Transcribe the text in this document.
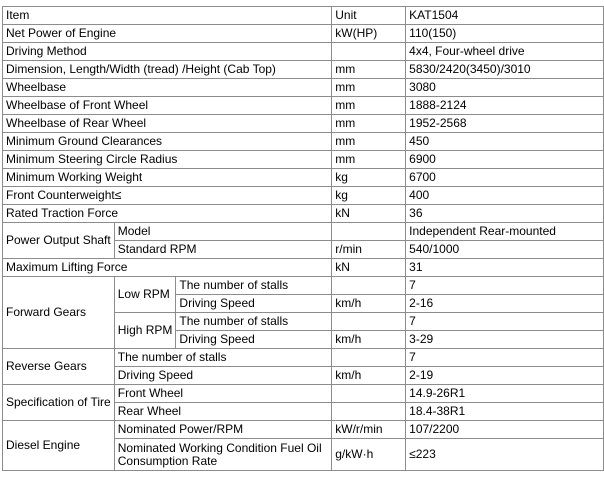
Item			Unit	KAT1504
Net Power of Engine			kW(HP)	110(150)
Driving Method				4x4, Four-wheel drive
Dimension, Length/Width (tread) /Height (Cab Top)			mm	5830/2420(3450)/3010
Wheelbase			mm	3080
Wheelbase of Front Wheel			mm	1888-2124
Wheelbase of Rear Wheel			mm	1952-2568
Minimum Ground Clearances			mm	450
Minimum Steering Circle Radius			mm	6900
Minimum Working Weight			kg	6700
Front Counterweight≤			kg	400
Rated Traction Force			kN	36
Power Output Shaft	Model			Independent Rear-mounted
	Standard RPM		r/min	540/1000
Maximum Lifting Force			kN	31
Forward Gears	Low RPM	The number of stalls		7
		Driving Speed	km/h	2-16
	High RPM	The number of stalls		7
		Driving Speed	km/h	3-29
Reverse Gears	The number of stalls			7
	Driving Speed		km/h	2-19
Specification of Tire	Front Wheel			14.9-26R1
	Rear Wheel			18.4-38R1
Diesel Engine	Nominated Power/RPM		kW/r/min	107/2200
	Nominated Working Condition Fuel Oil Consumption Rate		g/kW·h	≤223
